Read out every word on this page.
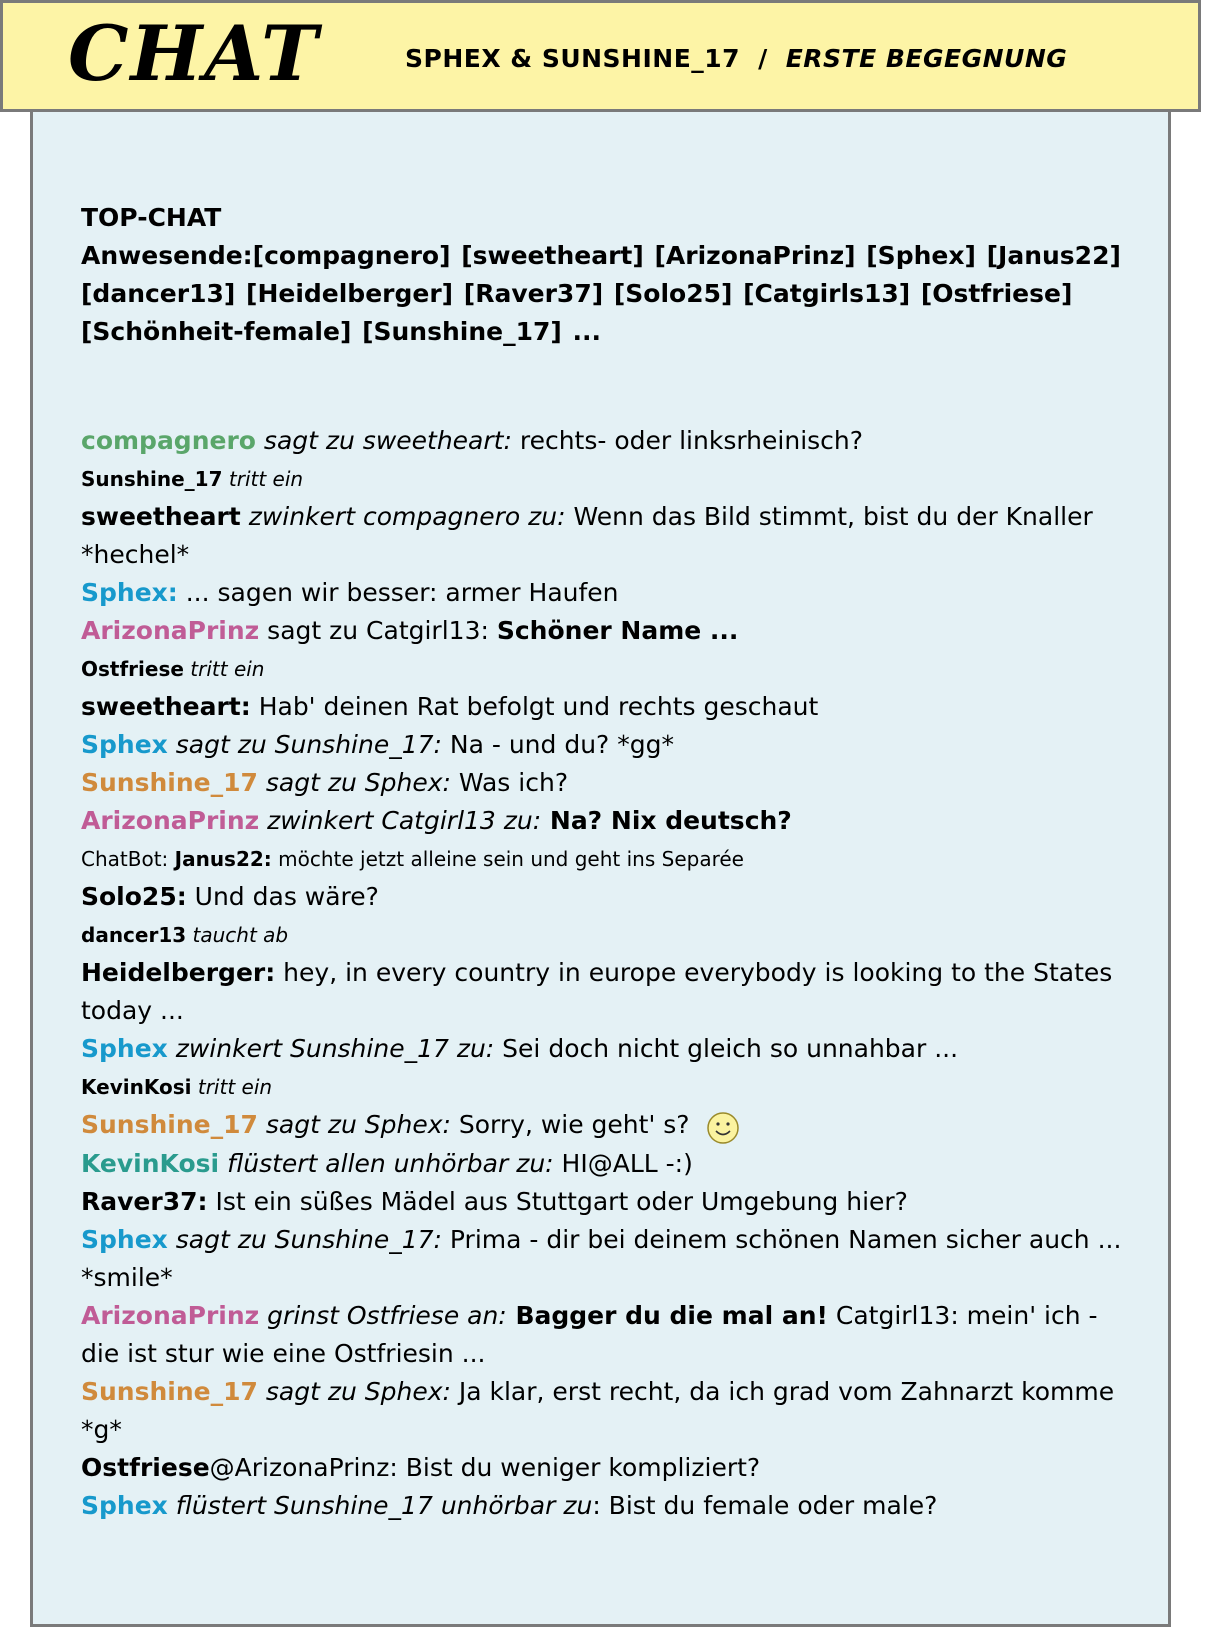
CHAT	SPHEX & SUNSHINE_17 / ERSTE BEGEGNUNG
TOP-CHAT
Anwesende:[compagnero] [sweetheart] [ArizonaPrinz] [Sphex] [Janus22] [dancer13] [Heidelberger] [Raver37] [Solo25] [Catgirls13] [Ostfriese] [Schönheit-female] [Sunshine_17] ...
compagnero sagt zu sweetheart: rechts- oder linksrheinisch?
Sunshine_17 tritt ein
sweetheart zwinkert compagnero zu: Wenn das Bild stimmt, bist du der Knaller *hechel*
Sphex: ... sagen wir besser: armer Haufen
ArizonaPrinz sagt zu Catgirl13: Schöner Name ...
Ostfriese tritt ein
sweetheart: Hab' deinen Rat befolgt und rechts geschaut
Sphex sagt zu Sunshine_17: Na - und du? *gg*
Sunshine_17 sagt zu Sphex: Was ich?
ArizonaPrinz zwinkert Catgirl13 zu: Na? Nix deutsch?
ChatBot: Janus22: möchte jetzt alleine sein und geht ins Separée
Solo25: Und das wäre?
dancer13 taucht ab
Heidelberger: hey, in every country in europe everybody is looking to the States today ...
Sphex zwinkert Sunshine_17 zu: Sei doch nicht gleich so unnahbar ...
KevinKosi tritt ein
Sunshine_17 sagt zu Sphex: Sorry, wie geht' s?
KevinKosi flüstert allen unhörbar zu: HI@ALL -:)
Raver37: Ist ein süßes Mädel aus Stuttgart oder Umgebung hier?
Sphex sagt zu Sunshine_17: Prima - dir bei deinem schönen Namen sicher auch ... *smile*
ArizonaPrinz grinst Ostfriese an: Bagger du die mal an! Catgirl13: mein' ich - die ist stur wie eine Ostfriesin ...
Sunshine_17 sagt zu Sphex: Ja klar, erst recht, da ich grad vom Zahnarzt komme *g*
Ostfriese@ArizonaPrinz: Bist du weniger kompliziert?
Sphex flüstert Sunshine_17 unhörbar zu: Bist du female oder male?
